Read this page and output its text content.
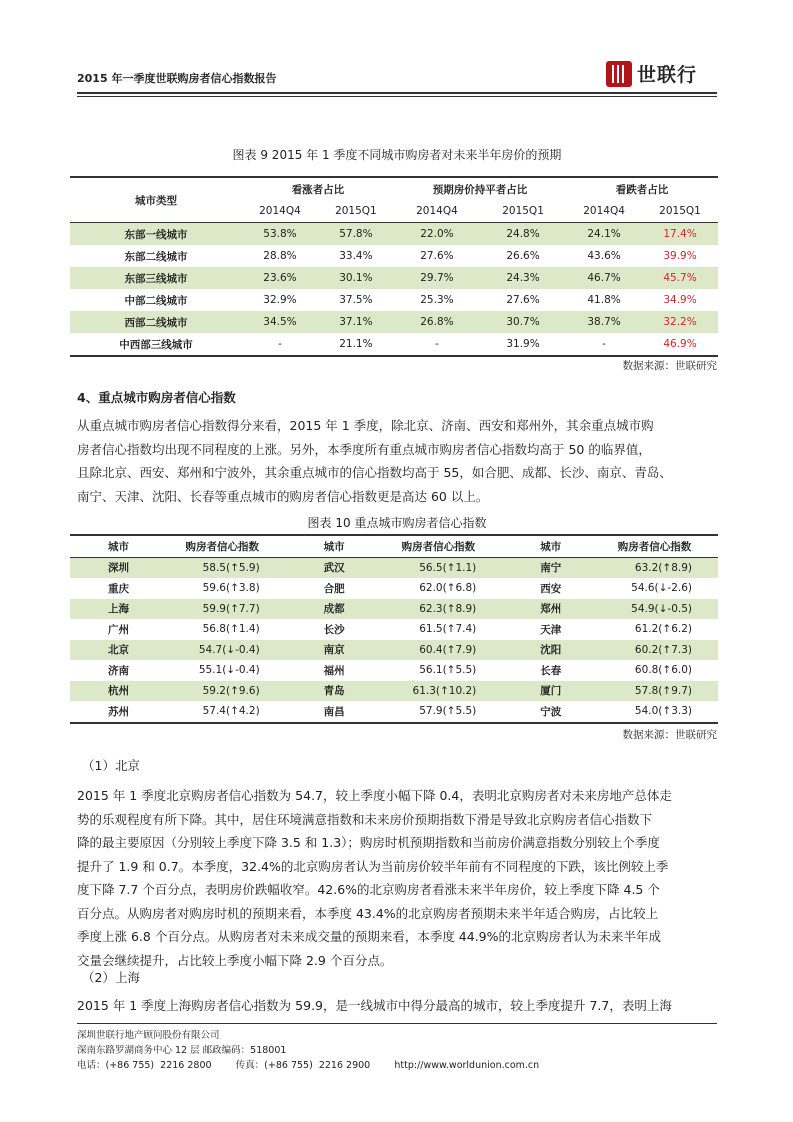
2015 年一季度世联购房者信心指数报告	世联行
图表 9 2015 年 1 季度不同城市购房者对未来半年房价的预期
城市类型	看涨者占比		预期房价持平者占比		看跌者占比	
	2014Q4	2015Q1	2014Q4	2015Q1	2014Q4	2015Q1
东部一线城市	53.8%	57.8%	22.0%	24.8%	24.1%	17.4%
东部二线城市	28.8%	33.4%	27.6%	26.6%	43.6%	39.9%
东部三线城市	23.6%	30.1%	29.7%	24.3%	46.7%	45.7%
中部二线城市	32.9%	37.5%	25.3%	27.6%	41.8%	34.9%
西部二线城市	34.5%	37.1%	26.8%	30.7%	38.7%	32.2%
中西部三线城市	-	21.1%	-	31.9%	-	46.9%
数据来源：世联研究
4、重点城市购房者信心指数
从重点城市购房者信心指数得分来看，2015 年 1 季度，除北京、济南、西安和郑州外，其余重点城市购
房者信心指数均出现不同程度的上涨。另外，本季度所有重点城市购房者信心指数均高于 50 的临界值，
且除北京、西安、郑州和宁波外，其余重点城市的信心指数均高于 55，如合肥、成都、长沙、南京、青岛、
南宁、天津、沈阳、长春等重点城市的购房者信心指数更是高达 60 以上。
图表 10 重点城市购房者信心指数
城市	购房者信心指数	城市	购房者信心指数	城市	购房者信心指数
深圳	58.5(↑5.9)	武汉	56.5(↑1.1)	南宁	63.2(↑8.9)
重庆	59.6(↑3.8)	合肥	62.0(↑6.8)	西安	54.6(↓-2.6)
上海	59.9(↑7.7)	成都	62.3(↑8.9)	郑州	54.9(↓-0.5)
广州	56.8(↑1.4)	长沙	61.5(↑7.4)	天津	61.2(↑6.2)
北京	54.7(↓-0.4)	南京	60.4(↑7.9)	沈阳	60.2(↑7.3)
济南	55.1(↓-0.4)	福州	56.1(↑5.5)	长春	60.8(↑6.0)
杭州	59.2(↑9.6)	青岛	61.3(↑10.2)	厦门	57.8(↑9.7)
苏州	57.4(↑4.2)	南昌	57.9(↑5.5)	宁波	54.0(↑3.3)
数据来源：世联研究
（1）北京
2015 年 1 季度北京购房者信心指数为 54.7，较上季度小幅下降 0.4，表明北京购房者对未来房地产总体走
势的乐观程度有所下降。其中，居住环境满意指数和未来房价预期指数下滑是导致北京购房者信心指数下
降的最主要原因（分别较上季度下降 3.5 和 1.3）；购房时机预期指数和当前房价满意指数分别较上个季度
提升了 1.9 和 0.7。本季度，32.4%的北京购房者认为当前房价较半年前有不同程度的下跌，该比例较上季
度下降 7.7 个百分点，表明房价跌幅收窄。42.6%的北京购房者看涨未来半年房价，较上季度下降 4.5 个
百分点。从购房者对购房时机的预期来看，本季度 43.4%的北京购房者预期未来半年适合购房，占比较上
季度上涨 6.8 个百分点。从购房者对未来成交量的预期来看，本季度 44.9%的北京购房者认为未来半年成
交量会继续提升，占比较上季度小幅下降 2.9 个百分点。
（2）上海
2015 年 1 季度上海购房者信心指数为 59.9，是一线城市中得分最高的城市，较上季度提升 7.7，表明上海
深圳世联行地产顾问股份有限公司
深南东路罗湖商务中心 12 层 邮政编码：518001
电话：(+86 755)  2216 2800        传真：(+86 755)  2216 2900        http://www.worldunion.com.cn
